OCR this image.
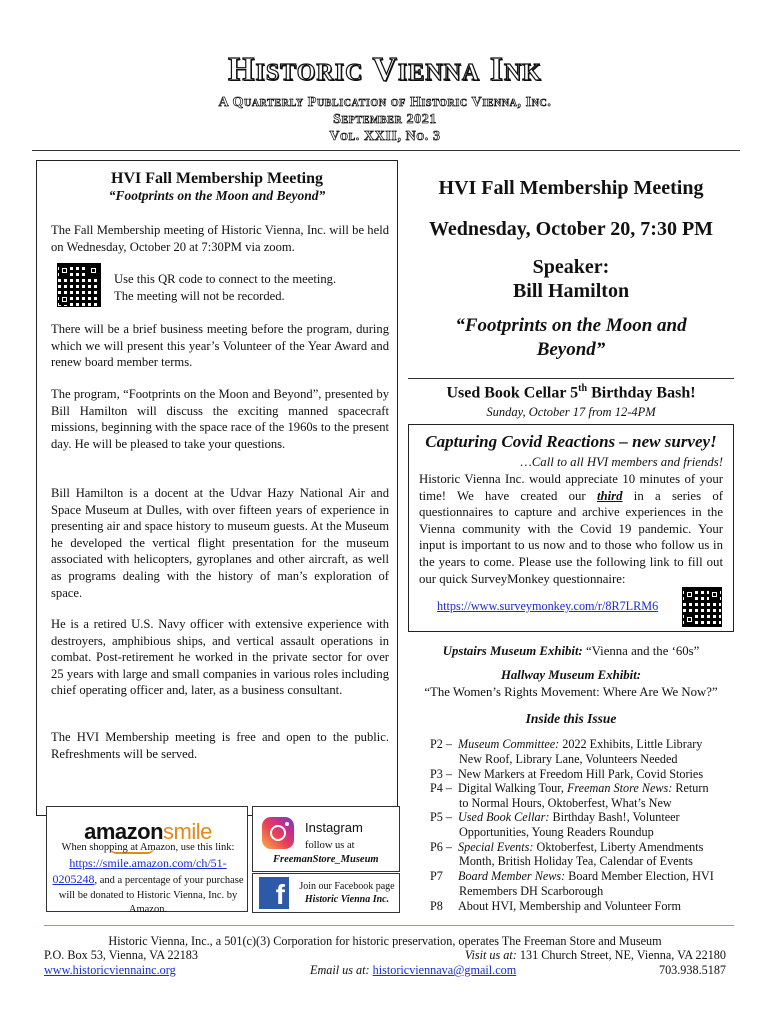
Historic Vienna Ink
A Quarterly Publication of Historic Vienna, Inc.
September 2021
Vol. XXII, No. 3
HVI Fall Membership Meeting
“Footprints on the Moon and Beyond”
The Fall Membership meeting of Historic Vienna, Inc. will be held on Wednesday, October 20 at 7:30PM via zoom.
Use this QR code to connect to the meeting.
The meeting will not be recorded.
There will be a brief business meeting before the program, during which we will present this year’s Volunteer of the Year Award and renew board member terms.
The program, “Footprints on the Moon and Beyond”, presented by Bill Hamilton will discuss the exciting manned spacecraft missions, beginning with the space race of the 1960s to the present day. He will be pleased to take your questions.
Bill Hamilton is a docent at the Udvar Hazy National Air and Space Museum at Dulles, with over fifteen years of experience in presenting air and space history to museum guests. At the Museum he developed the vertical flight presentation for the museum associated with helicopters, gyroplanes and other aircraft, as well as programs dealing with the history of man’s exploration of space.
He is a retired U.S. Navy officer with extensive experience with destroyers, amphibious ships, and vertical assault operations in combat. Post-retirement he worked in the private sector for over 25 years with large and small companies in various roles including chief operating officer and, later, as a business consultant.
The HVI Membership meeting is free and open to the public. Refreshments will be served.
amazonsmile
When shopping at Amazon, use this link:
https://smile.amazon.com/ch/51-0205248, and a percentage of your purchase will be donated to Historic Vienna, Inc. by Amazon.
Instagram
follow us at
FreemanStore_Museum
f	Join our Facebook page
Historic Vienna Inc.
HVI Fall Membership Meeting
Wednesday, October 20, 7:30 PM
Speaker:
Bill Hamilton
“Footprints on the Moon and
Beyond”
Used Book Cellar 5th Birthday Bash!
Sunday, October 17 from 12-4PM
Capturing Covid Reactions – new survey!
…Call to all HVI members and friends!
Historic Vienna Inc. would appreciate 10 minutes of your time! We have created our third in a series of questionnaires to capture and archive experiences in the Vienna community with the Covid 19 pandemic. Your input is important to us now and to those who follow us in the years to come. Please use the following link to fill out our quick SurveyMonkey questionnaire:
https://www.surveymonkey.com/r/8R7LRM6
Upstairs Museum Exhibit: “Vienna and the ‘60s”
Hallway Museum Exhibit:
“The Women’s Rights Movement: Where Are We Now?”
Inside this Issue
P2 – Museum Committee: 2022 Exhibits, Little Library
New Roof, Library Lane, Volunteers Needed
P3 – New Markers at Freedom Hill Park, Covid Stories
P4 – Digital Walking Tour, Freeman Store News: Return
to Normal Hours, Oktoberfest, What’s New
P5 – Used Book Cellar: Birthday Bash!, Volunteer
Opportunities, Young Readers Roundup
P6 – Special Events: Oktoberfest, Liberty Amendments
Month, British Holiday Tea, Calendar of Events
P7 Board Member News: Board Member Election, HVI
Remembers DH Scarborough
P8 About HVI, Membership and Volunteer Form
Historic Vienna, Inc., a 501(c)(3) Corporation for historic preservation, operates The Freeman Store and Museum
P.O. Box 53, Vienna, VA 22183	Visit us at: 131 Church Street, NE, Vienna, VA 22180
www.historicviennainc.org	Email us at: historicviennava@gmail.com	703.938.5187
